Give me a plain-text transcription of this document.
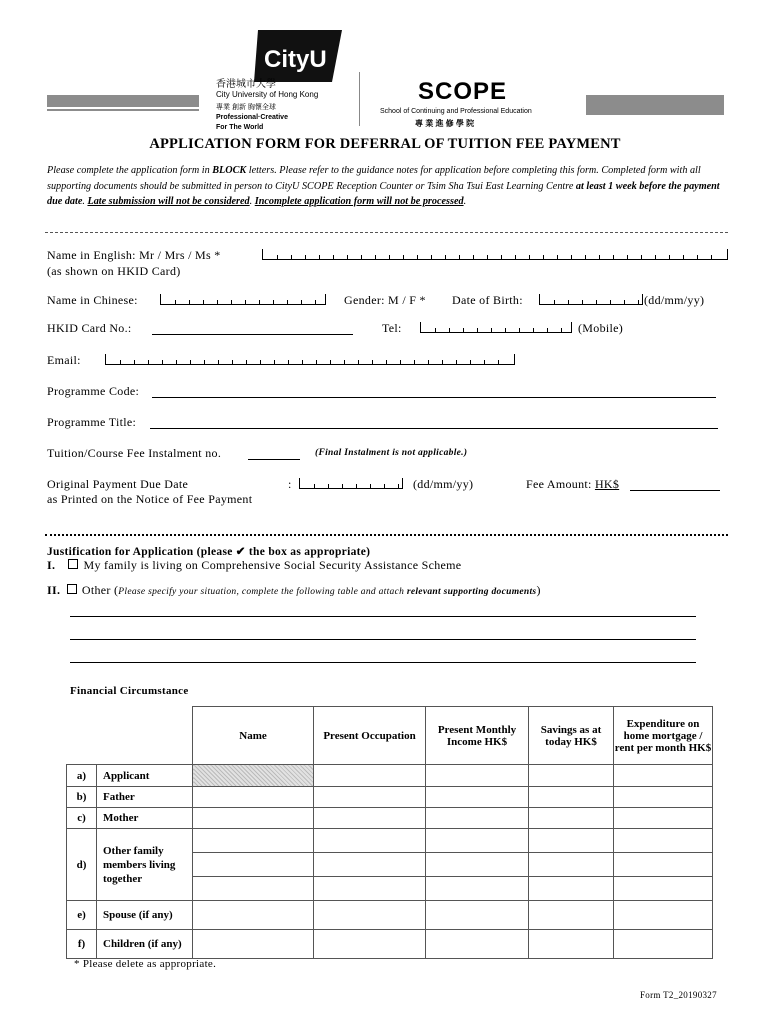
CityU
香港城市大學
City University of Hong Kong
專業 創新 胸懷全球
Professional·Creative
For The World
SCOPE
School of Continuing and Professional Education
專 業 進 修 學 院
APPLICATION FORM FOR DEFERRAL OF TUITION FEE PAYMENT
Please complete the application form in BLOCK letters. Please refer to the guidance notes for application before completing this form. Completed form with all supporting documents should be submitted in person to CityU SCOPE Reception Counter or Tsim Sha Tsui East Learning Centre at least 1 week before the payment due date. Late submission will not be considered. Incomplete application form will not be processed.
Name in English: Mr / Mrs / Ms *
(as shown on HKID Card)
Name in Chinese:	Gender: M / F * Date of Birth:	(dd/mm/yy)
HKID Card No.:	Tel:	(Mobile)
Email:
Programme Code:
Programme Title:
Tuition/Course Fee Instalment no.	(Final Instalment is not applicable.)
Original Payment Due Date	:	(dd/mm/yy)
as Printed on the Notice of Fee Payment
Fee Amount: HK$
Justification for Application (please ✔ the box as appropriate)
I. My family is living on Comprehensive Social Security Assistance Scheme
II. Other (Please specify your situation, complete the following table and attach relevant supporting documents)
Financial Circumstance
		Name	Present Occupation	Present Monthly Income HK$	Savings as at today HK$	Expenditure on home mortgage / rent per month HK$
a)	Applicant					
b)	Father					
c)	Mother					
d)	Other family members living together					

e)	Spouse (if any)					
f)	Children (if any)					
* Please delete as appropriate.
Form T2_20190327
